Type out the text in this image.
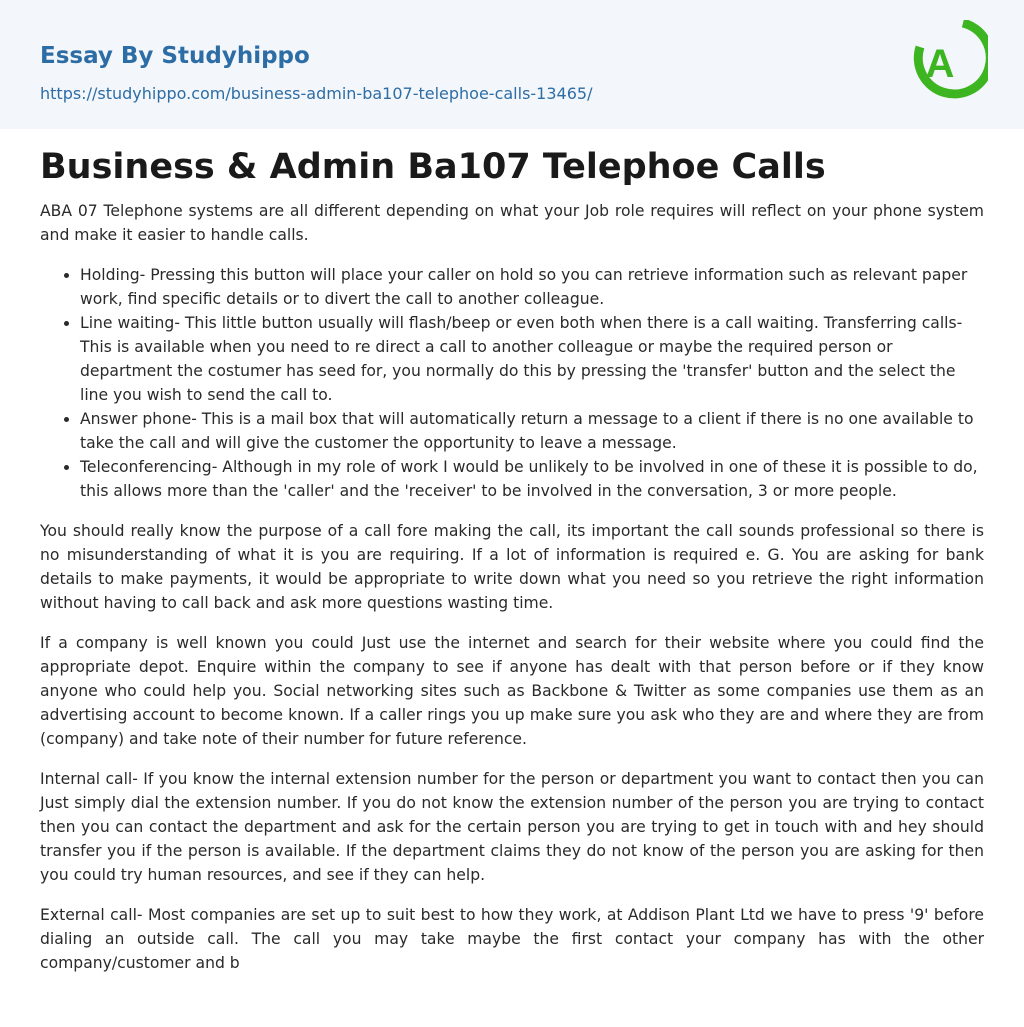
Essay By Studyhippo
https://studyhippo.com/business-admin-ba107-telephoe-calls-13465/
A
Business & Admin Ba107 Telephoe Calls

ABA 07 Telephone systems are all different depending on what your Job role requires will reflect on your phone system and make it easier to handle calls.

• Holding- Pressing this button will place your caller on hold so you can retrieve information such as relevant paper work, find specific details or to divert the call to another colleague.
• Line waiting- This little button usually will flash/beep or even both when there is a call waiting. Transferring calls- This is available when you need to re direct a call to another colleague or maybe the required person or department the costumer has seed for, you normally do this by pressing the 'transfer' button and the select the line you wish to send the call to.
• Answer phone- This is a mail box that will automatically return a message to a client if there is no one available to take the call and will give the customer the opportunity to leave a message.
• Teleconferencing- Although in my role of work I would be unlikely to be involved in one of these it is possible to do, this allows more than the 'caller' and the 'receiver' to be involved in the conversation, 3 or more people.

You should really know the purpose of a call fore making the call, its important the call sounds professional so there is no misunderstanding of what it is you are requiring. If a lot of information is required e. G. You are asking for bank details to make payments, it would be appropriate to write down what you need so you retrieve the right information without having to call back and ask more questions wasting time.

If a company is well known you could Just use the internet and search for their website where you could find the appropriate depot. Enquire within the company to see if anyone has dealt with that person before or if they know anyone who could help you. Social networking sites such as Backbone & Twitter as some companies use them as an advertising account to become known. If a caller rings you up make sure you ask who they are and where they are from (company) and take note of their number for future reference.

Internal call- If you know the internal extension number for the person or department you want to contact then you can Just simply dial the extension number. If you do not know the extension number of the person you are trying to contact then you can contact the department and ask for the certain person you are trying to get in touch with and hey should transfer you if the person is available. If the department claims they do not know of the person you are asking for then you could try human resources, and see if they can help.

External call- Most companies are set up to suit best to how they work, at Addison Plant Ltd we have to press '9' before dialing an outside call. The call you may take maybe the first contact your company has with the other company/customer and b
